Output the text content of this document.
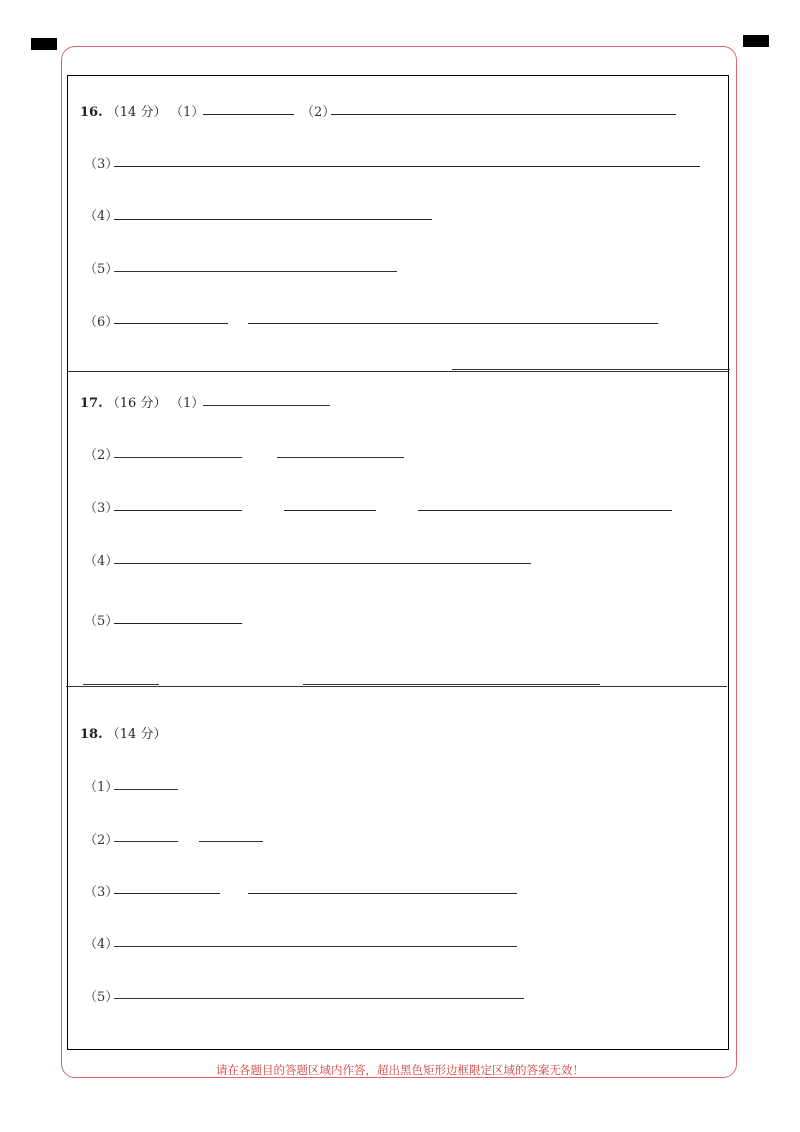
16. （14 分） （1）	（2）
（3）
（4）
（5）
（6）
17. （16 分） （1）
（2）
（3）
（4）
（5）
18. （14 分）
（1）
（2）
（3）
（4）
（5）
请在各题目的答题区域内作答，超出黑色矩形边框限定区域的答案无效！
